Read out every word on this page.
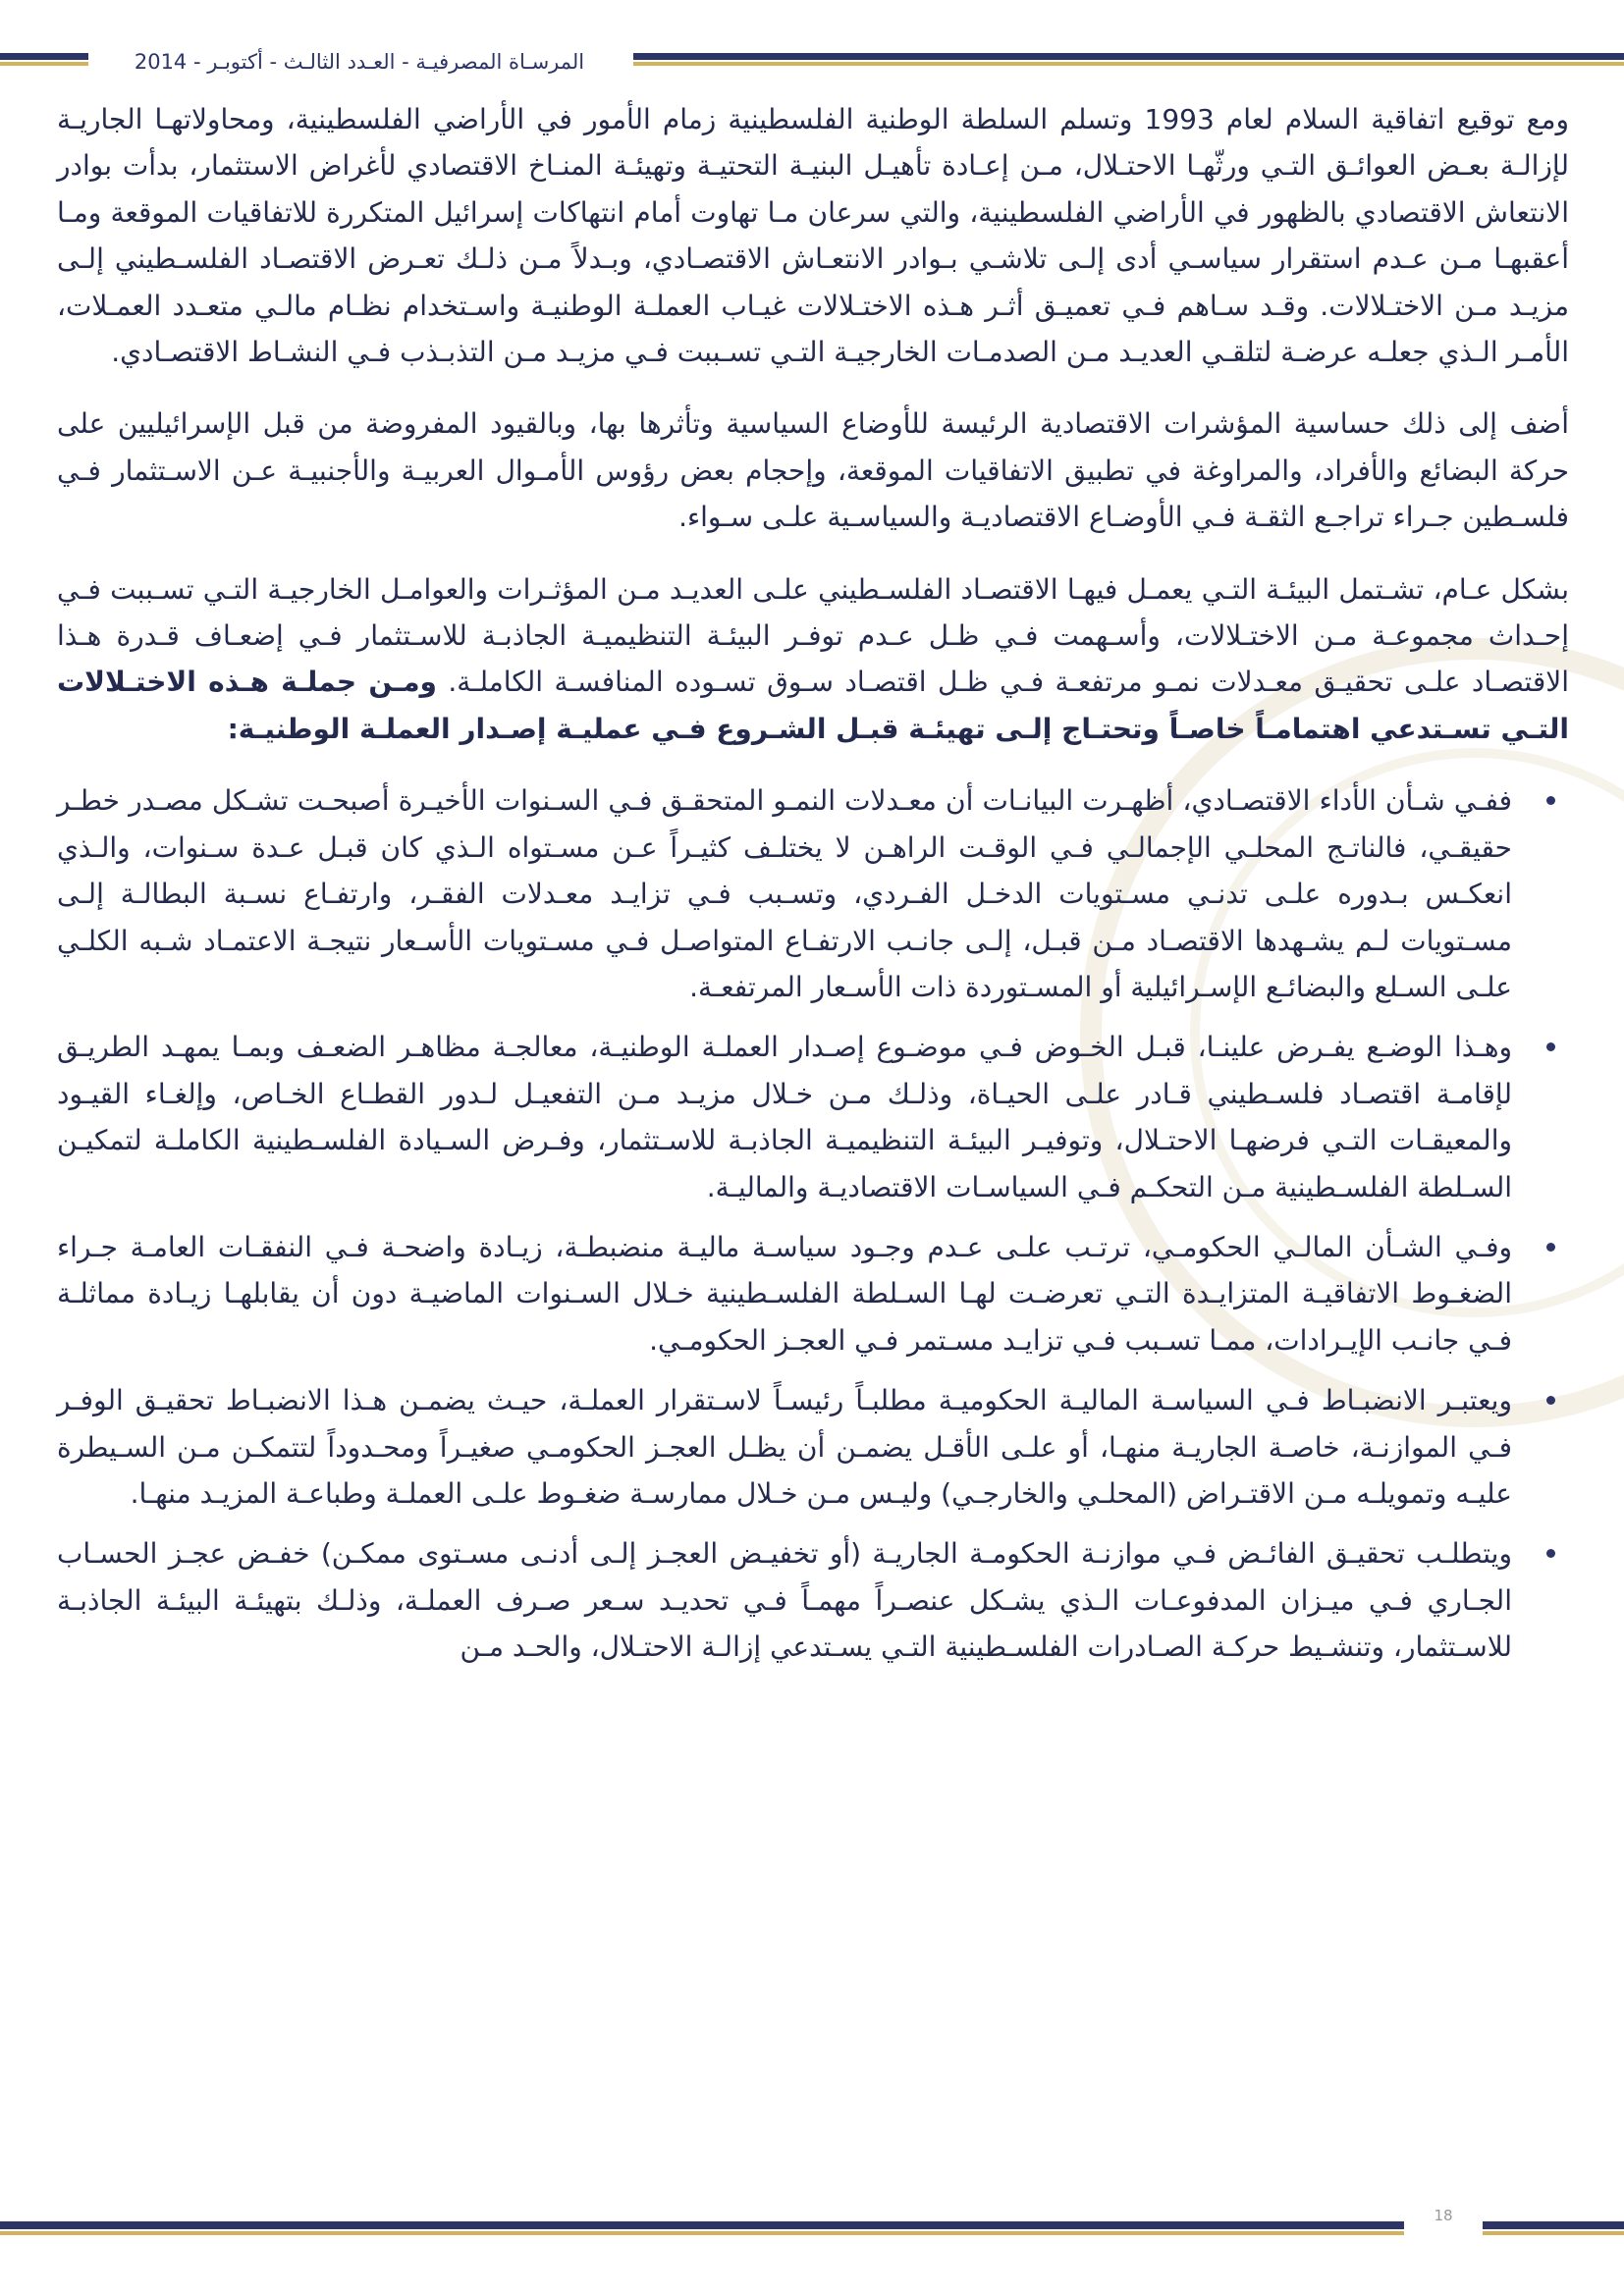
المرسـاة المصرفيـة - العـدد الثالـث - أكتوبـر - 2014

ومع توقيع اتفاقية السلام لعام 1993 وتسلم السلطة الوطنية الفلسطينية زمام الأمور في الأراضي الفلسطينية، ومحاولاتهـا الجاريـة لإزالـة بعـض العوائـق التـي ورثّهـا الاحتـلال، مـن إعـادة تأهيـل البنيـة التحتيـة وتهيئـة المنـاخ الاقتصادي لأغراض الاستثمار، بدأت بوادر الانتعاش الاقتصادي بالظهور في الأراضي الفلسطينية، والتي سرعان مـا تهاوت أمام انتهاكات إسرائيل المتكررة للاتفاقيات الموقعة ومـا أعقبهـا مـن عـدم استقرار سياسـي أدى إلـى تلاشـي بـوادر الانتعـاش الاقتصـادي، وبـدلاً مـن ذلـك تعـرض الاقتصـاد الفلسـطيني إلـى مزيـد مـن الاختـلالات. وقـد سـاهم فـي تعميـق أثـر هـذه الاختـلالات غيـاب العملـة الوطنيـة واسـتخدام نظـام مالـي متعـدد العمـلات، الأمـر الـذي جعلـه عرضـة لتلقـي العديـد مـن الصدمـات الخارجيـة التـي تسـببت فـي مزيـد مـن التذبـذب فـي النشـاط الاقتصـادي.

أضف إلى ذلك حساسية المؤشرات الاقتصادية الرئيسة للأوضاع السياسية وتأثرها بها، وبالقيود المفروضة من قبل الإسرائيليين على حركة البضائع والأفراد، والمراوغة في تطبيق الاتفاقيات الموقعة، وإحجام بعض رؤوس الأمـوال العربيـة والأجنبيـة عـن الاسـتثمار فـي فلسـطين جـراء تراجـع الثقـة فـي الأوضـاع الاقتصاديـة والسياسـية علـى سـواء.

بشكل عـام، تشـتمل البيئـة التـي يعمـل فيهـا الاقتصـاد الفلسـطيني علـى العديـد مـن المؤثـرات والعوامـل الخارجيـة التـي تسـببت فـي إحـداث مجموعـة مـن الاختـلالات، وأسـهمت فـي ظـل عـدم توفـر البيئـة التنظيميـة الجاذبـة للاسـتثمار فـي إضعـاف قـدرة هـذا الاقتصـاد علـى تحقيـق معـدلات نمـو مرتفعـة فـي ظـل اقتصـاد سـوق تسـوده المنافسـة الكاملـة. ومـن جملـة هـذه الاختـلالات التـي تسـتدعي اهتمامـاً خاصـاً وتحتـاج إلـى تهيئـة قبـل الشـروع فـي عمليـة إصـدار العملـة الوطنيـة:

ففـي شـأن الأداء الاقتصـادي، أظهـرت البيانـات أن معـدلات النمـو المتحقـق فـي السـنوات الأخيـرة أصبحـت تشـكل مصـدر خطـر حقيقـي، فالناتـج المحلـي الإجمالـي فـي الوقـت الراهـن لا يختلـف كثيـراً عـن مسـتواه الـذي كان قبـل عـدة سـنوات، والـذي انعكـس بـدوره علـى تدنـي مسـتويات الدخـل الفـردي، وتسـبب فـي تزايـد معـدلات الفقـر، وارتفـاع نسـبة البطالـة إلـى مسـتويات لـم يشـهدها الاقتصـاد مـن قبـل، إلـى جانـب الارتفـاع المتواصـل فـي مسـتويات الأسـعار نتيجـة الاعتمـاد شـبه الكلـي علـى السـلع والبضائـع الإسـرائيلية أو المسـتوردة ذات الأسـعار المرتفعـة.
وهـذا الوضـع يفـرض علينـا، قبـل الخـوض فـي موضـوع إصـدار العملـة الوطنيـة، معالجـة مظاهـر الضعـف وبمـا يمهـد الطريـق لإقامـة اقتصـاد فلسـطيني قـادر علـى الحيـاة، وذلـك مـن خـلال مزيـد مـن التفعيـل لـدور القطـاع الخـاص، وإلغـاء القيـود والمعيقـات التـي فرضهـا الاحتـلال، وتوفيـر البيئـة التنظيميـة الجاذبـة للاسـتثمار، وفـرض السـيادة الفلسـطينية الكاملـة لتمكيـن السـلطة الفلسـطينية مـن التحكـم فـي السياسـات الاقتصاديـة والماليـة.
وفـي الشـأن المالـي الحكومـي، ترتـب علـى عـدم وجـود سياسـة ماليـة منضبطـة، زيـادة واضحـة فـي النفقـات العامـة جـراء الضغـوط الاتفاقيـة المتزايـدة التـي تعرضـت لهـا السـلطة الفلسـطينية خـلال السـنوات الماضيـة دون أن يقابلهـا زيـادة مماثلـة فـي جانـب الإيـرادات، ممـا تسـبب فـي تزايـد مسـتمر فـي العجـز الحكومـي.
ويعتبـر الانضبـاط فـي السياسـة الماليـة الحكوميـة مطلبـاً رئيسـاً لاسـتقرار العملـة، حيـث يضمـن هـذا الانضبـاط تحقيـق الوفـر فـي الموازنـة، خاصـة الجاريـة منهـا، أو علـى الأقـل يضمـن أن يظـل العجـز الحكومـي صغيـراً ومحـدوداً لتتمكـن مـن السـيطرة عليـه وتمويلـه مـن الاقتـراض (المحلـي والخارجـي) وليـس مـن خـلال ممارسـة ضغـوط علـى العملـة وطباعـة المزيـد منهـا.
ويتطلـب تحقيـق الفائـض فـي موازنـة الحكومـة الجاريـة (أو تخفيـض العجـز إلـى أدنـى مسـتوى ممكـن) خفـض عجـز الحسـاب الجـاري فـي ميـزان المدفوعـات الـذي يشـكل عنصـراً مهمـاً فـي تحديـد سـعر صـرف العملـة، وذلـك بتهيئـة البيئـة الجاذبـة للاسـتثمار، وتنشـيط حركـة الصـادرات الفلسـطينية التـي يسـتدعي إزالـة الاحتـلال، والحـد مـن
18
